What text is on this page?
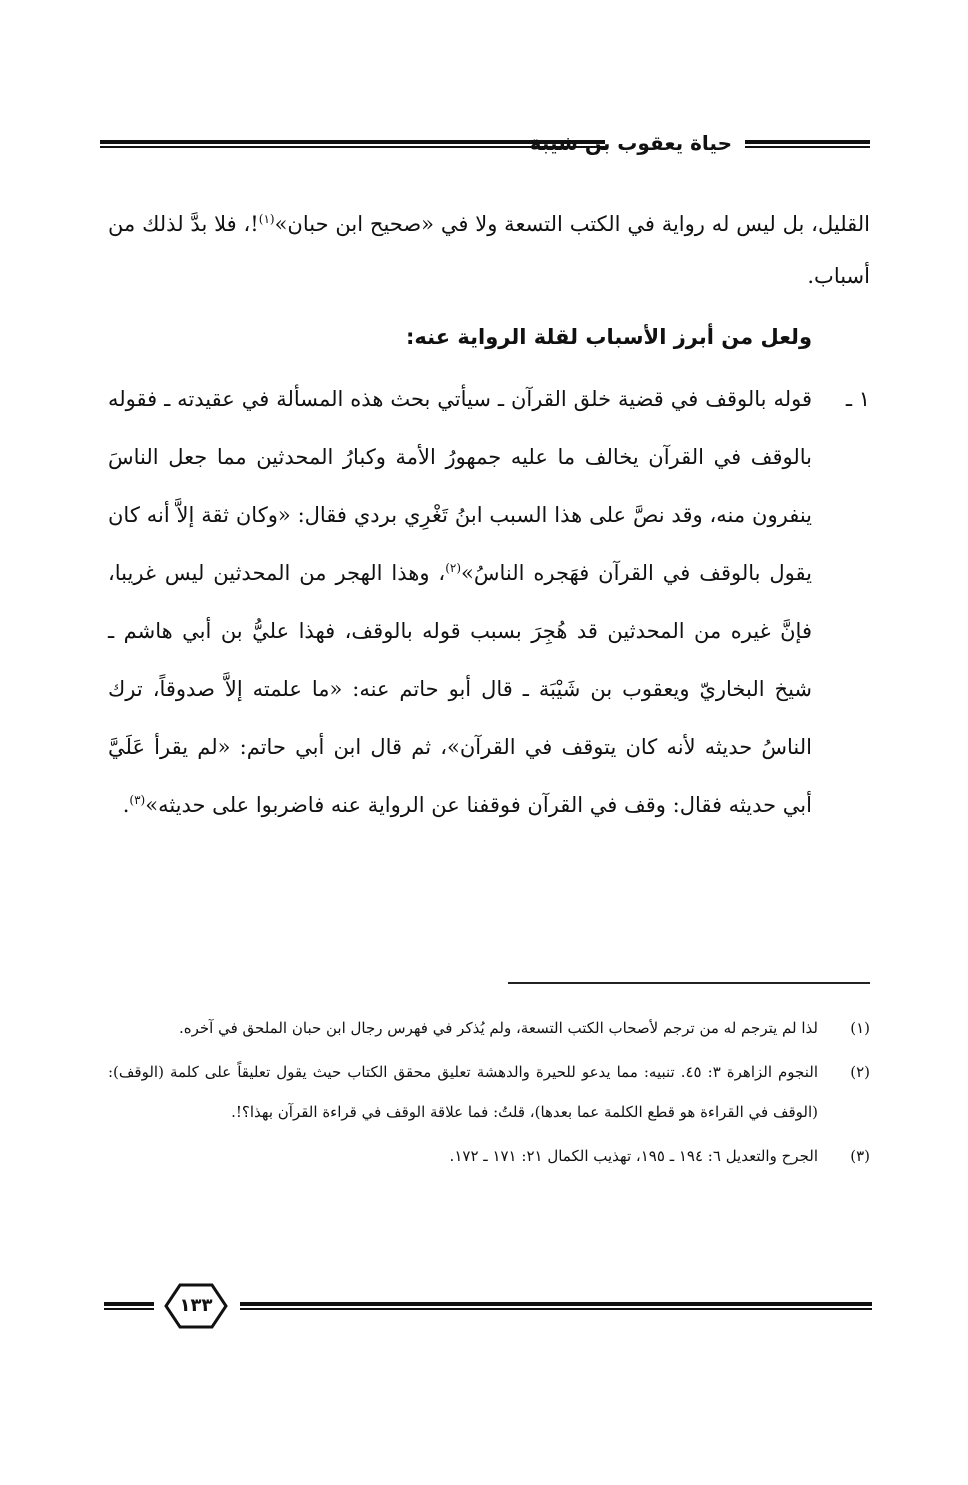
حياة يعقوب بن شيبة

القليل، بل ليس له رواية في الكتب التسعة ولا في «صحيح ابن حبان»$^{(١)}$!، فلا بدَّ لذلك من أسباب.

ولعل من أبرز الأسباب لقلة الرواية عنه:
١ ـ
قوله بالوقف في قضية خلق القرآن ـ سيأتي بحث هذه المسألة في عقيدته ـ فقوله بالوقف في القرآن يخالف ما عليه جمهورُ الأمة وكبارُ المحدثين مما جعل الناسَ ينفرون منه، وقد نصَّ على هذا السبب ابنُ تَغْرِي بردي فقال: «وكان ثقة إلاَّ أنه كان يقول بالوقف في القرآن فهَجره الناسُ»$^{(٢)}$، وهذا الهجر من المحدثين ليس غريبا، فإنَّ غيره من المحدثين قد هُجِرَ بسبب قوله بالوقف، فهذا عليُّ بن أبي هاشم ـ شيخ البخاريّ ويعقوب بن شَيْبَة ـ قال أبو حاتم عنه: «ما علمته إلاَّ صدوقاً، ترك الناسُ حديثه لأنه كان يتوقف في القرآن»، ثم قال ابن أبي حاتم: «لم يقرأ عَلَيَّ أبي حديثه فقال: وقف في القرآن فوقفنا عن الرواية عنه فاضربوا على حديثه»$^{(٣)}$.
(١)
لذا لم يترجم له من ترجم لأصحاب الكتب التسعة، ولم يُذكر في فهرس رجال ابن حبان الملحق في آخره.
(٢)
النجوم الزاهرة ٣: ٤٥. تنبيه: مما يدعو للحيرة والدهشة تعليق محقق الكتاب حيث يقول تعليقاً على كلمة (الوقف): (الوقف في القراءة هو قطع الكلمة عما بعدها)، قلتُ: فما علاقة الوقف في قراءة القرآن بهذا؟!.
(٣)
الجرح والتعديل ٦: ١٩٤ ـ ١٩٥، تهذيب الكمال ٢١: ١٧١ ـ ١٧٢.
١٣٣
